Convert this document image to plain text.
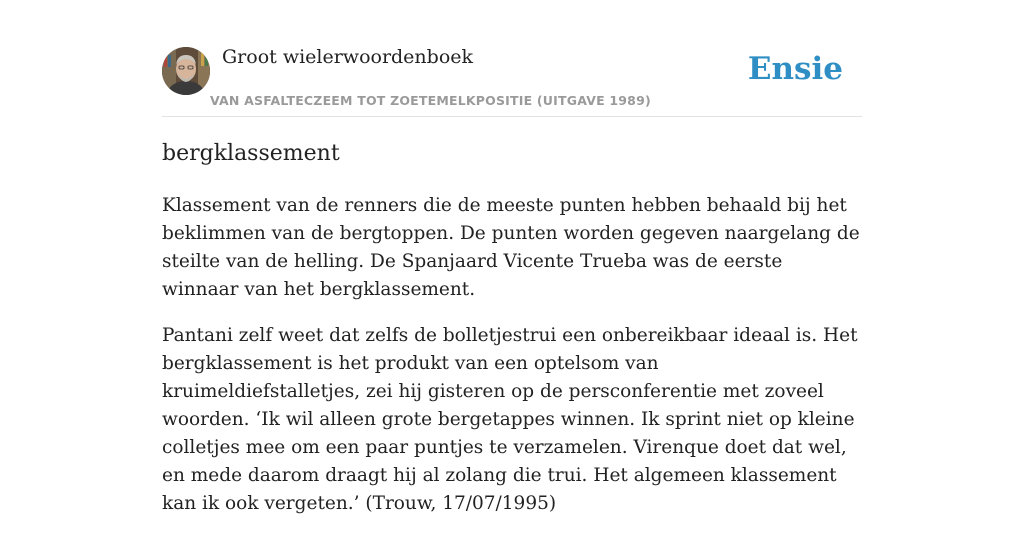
Groot wielerwoordenboek
VAN ASFALTECZEEM TOT ZOETEMELKPOSITIE (UITGAVE 1989)
Ensie
bergklassement

Klassement van de renners die de meeste punten hebben behaald bij het beklimmen van de bergtoppen. De punten worden gegeven naargelang de steilte van de helling. De Spanjaard Vicente Trueba was de eerste winnaar van het bergklassement.

Pantani zelf weet dat zelfs de bolletjestrui een onbereikbaar ideaal is. Het bergklassement is het produkt van een optelsom van kruimeldiefstalletjes, zei hij gisteren op de persconferentie met zoveel woorden. ‘Ik wil alleen grote bergetappes winnen. Ik sprint niet op kleine colletjes mee om een paar puntjes te verzamelen. Virenque doet dat wel, en mede daarom draagt hij al zolang die trui. Het algemeen klassement kan ik ook vergeten.’ (Trouw, 17/07/1995)
